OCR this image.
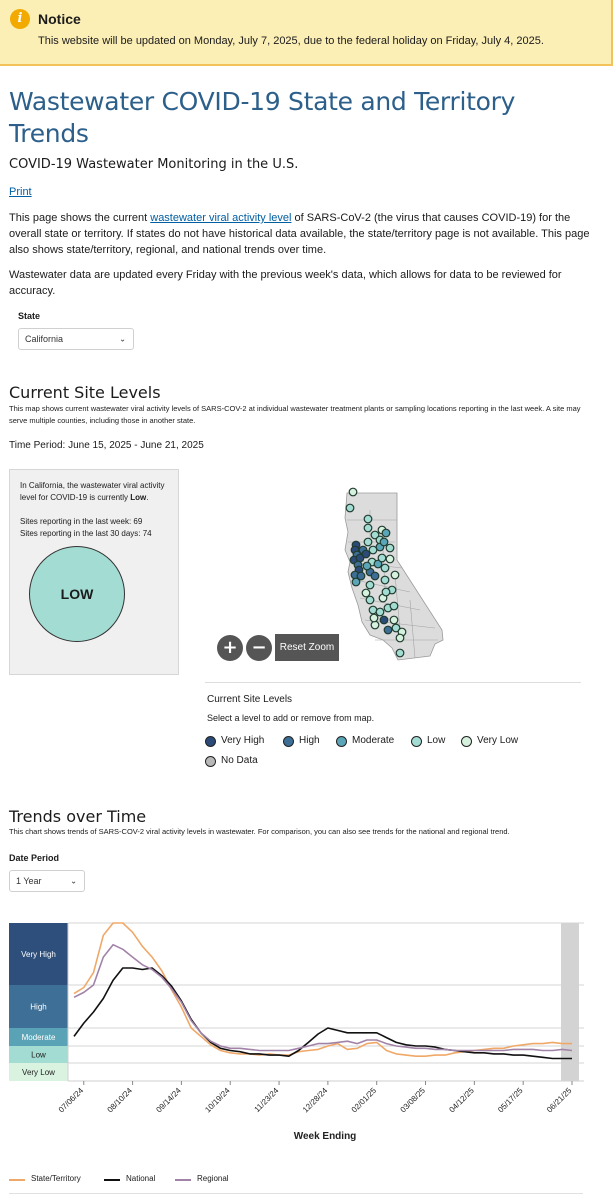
i	Notice
This website will be updated on Monday, July 7, 2025, due to the federal holiday on Friday, July 4, 2025.
Wastewater COVID-19 State and Territory Trends
COVID-19 Wastewater Monitoring in the U.S.
Print

This page shows the current wastewater viral activity level of SARS-CoV-2 (the virus that causes COVID-19) for the overall state or territory. If states do not have historical data available, the state/territory page is not available. This page also shows state/territory, regional, and national trends over time.

Wastewater data are updated every Friday with the previous week's data, which allows for data to be reviewed for accuracy.

State
California	⌄
Current Site Levels

This map shows current wastewater viral activity levels of SARS-COV-2 at individual wastewater treatment plants or sampling locations reporting in the last week. A site may serve multiple counties, including those in another state.

Time Period: June 15, 2025 - June 21, 2025
In California, the wastewater viral activity level for COVID-19 is currently Low.

Sites reporting in the last week: 69
Sites reporting in the last 30 days: 74
LOW
+ −	Reset Zoom
Current Site Levels
Select a level to add or remove from map.
Very High	High	Moderate	Low	Very Low
No Data
Trends over Time

This chart shows trends of SARS-COV-2 viral activity levels in wastewater. For comparison, you can also see trends for the national and regional trend.

Date Period
1 Year	⌄
Very Low
Low
Moderate
High
Very High
07/06/24	08/10/24	09/14/24	10/19/24	11/23/24	12/28/24	02/01/25	03/08/25	04/12/25	05/17/25	06/21/25
Week Ending
State/Territory	National	Regional
